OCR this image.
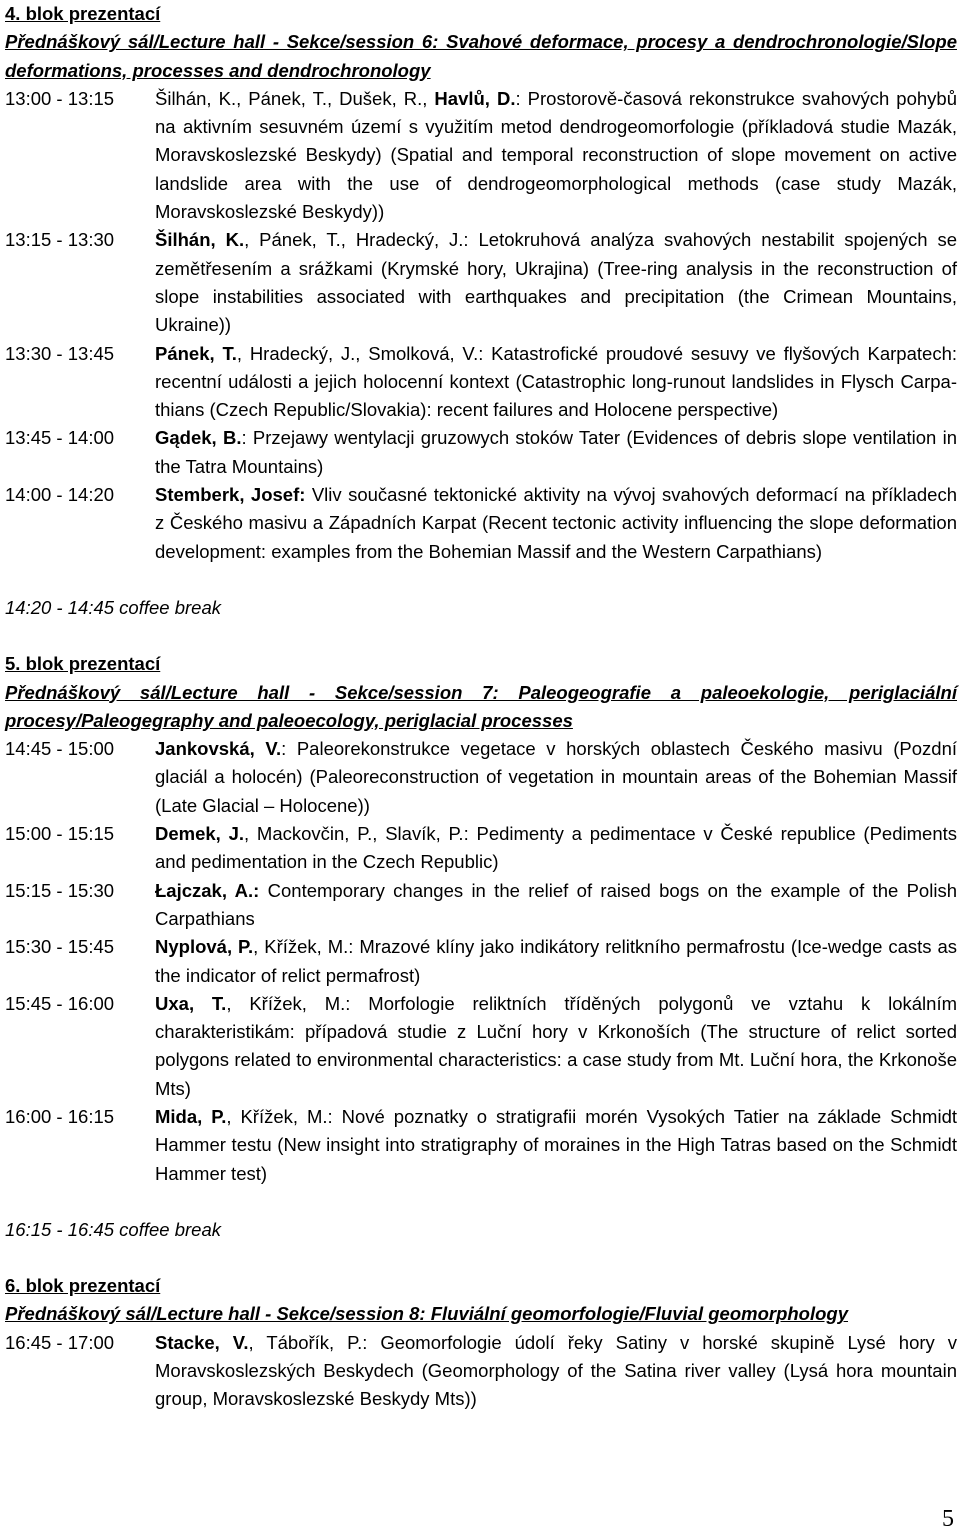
4. blok prezentací
Přednáškový sál/Lecture hall - Sekce/session 6: Svahové deformace, procesy a dendrochronologie/Slope deformations, processes and dendrochronology
13:00 - 13:15	Šilhán, K., Pánek, T., Dušek, R., Havlů, D.: Prostorově-časová rekonstrukce svahových pohybů na aktivním sesuvném území s využitím metod dendrogeomorfologie (příkladová studie Mazák, Moravskoslezské Beskydy) (Spatial and temporal reconstruction of slope movement on active landslide area with the use of dendrogeomorphological methods (case study Mazák, Moravskoslezské Beskydy))
13:15 - 13:30	Šilhán, K., Pánek, T., Hradecký, J.: Letokruhová analýza svahových nestabilit spojených se zemětřesením a srážkami (Krymské hory, Ukrajina) (Tree-ring analysis in the reconstruction of slope instabilities associated with earthquakes and precipitation (the Crimean Mountains, Ukraine))
13:30 - 13:45	Pánek, T., Hradecký, J., Smolková, V.: Katastrofické proudové sesuvy ve flyšových Karpatech: recentní události a jejich holocenní kontext (Catastrophic long-runout landslides in Flysch Carpa-thians (Czech Republic/Slovakia): recent failures and Holocene perspective)
13:45 - 14:00	Gądek, B.: Przejawy wentylacji gruzowych stoków Tater (Evidences of debris slope ventilation in the Tatra Mountains)
14:00 - 14:20	Stemberk, Josef: Vliv současné tektonické aktivity na vývoj svahových deformací na příkladech z Českého masivu a Západních Karpat (Recent tectonic activity influencing the slope deformation development: examples from the Bohemian Massif and the Western Carpathians)
14:20 - 14:45 coffee break
5. blok prezentací
Přednáškový sál/Lecture hall - Sekce/session 7: Paleogeografie a paleoekologie, periglaciální procesy/Paleogegraphy and paleoecology, periglacial processes
14:45 - 15:00	Jankovská, V.: Paleorekonstrukce vegetace v horských oblastech Českého masivu (Pozdní glaciál a holocén) (Paleoreconstruction of vegetation in mountain areas of the Bohemian Massif (Late Glacial – Holocene))
15:00 - 15:15	Demek, J., Mackovčin, P., Slavík, P.: Pedimenty a pedimentace v České republice (Pediments and pedimentation in the Czech Republic)
15:15 - 15:30	Łajczak, A.: Contemporary changes in the relief of raised bogs on the example of the Polish Carpathians
15:30 - 15:45	Nyplová, P., Křížek, M.: Mrazové klíny jako indikátory relitkního permafrostu (Ice-wedge casts as the indicator of relict permafrost)
15:45 - 16:00	Uxa, T., Křížek, M.: Morfologie reliktních tříděných polygonů ve vztahu k lokálním charakteristikám: případová studie z Luční hory v Krkonoších (The structure of relict sorted polygons related to environmental characteristics: a case study from Mt. Luční hora, the Krkonoše Mts)
16:00 - 16:15	Mida, P., Křížek, M.: Nové poznatky o stratigrafii morén Vysokých Tatier na základe Schmidt Hammer testu (New insight into stratigraphy of moraines in the High Tatras based on the Schmidt Hammer test)
16:15 - 16:45 coffee break
6. blok prezentací
Přednáškový sál/Lecture hall - Sekce/session 8: Fluviální geomorfologie/Fluvial geomorphology
16:45 - 17:00	Stacke, V., Tábořík, P.: Geomorfologie údolí řeky Satiny v horské skupině Lysé hory v Moravskoslezských Beskydech (Geomorphology of the Satina river valley (Lysá hora mountain group, Moravskoslezské Beskydy Mts))
5
